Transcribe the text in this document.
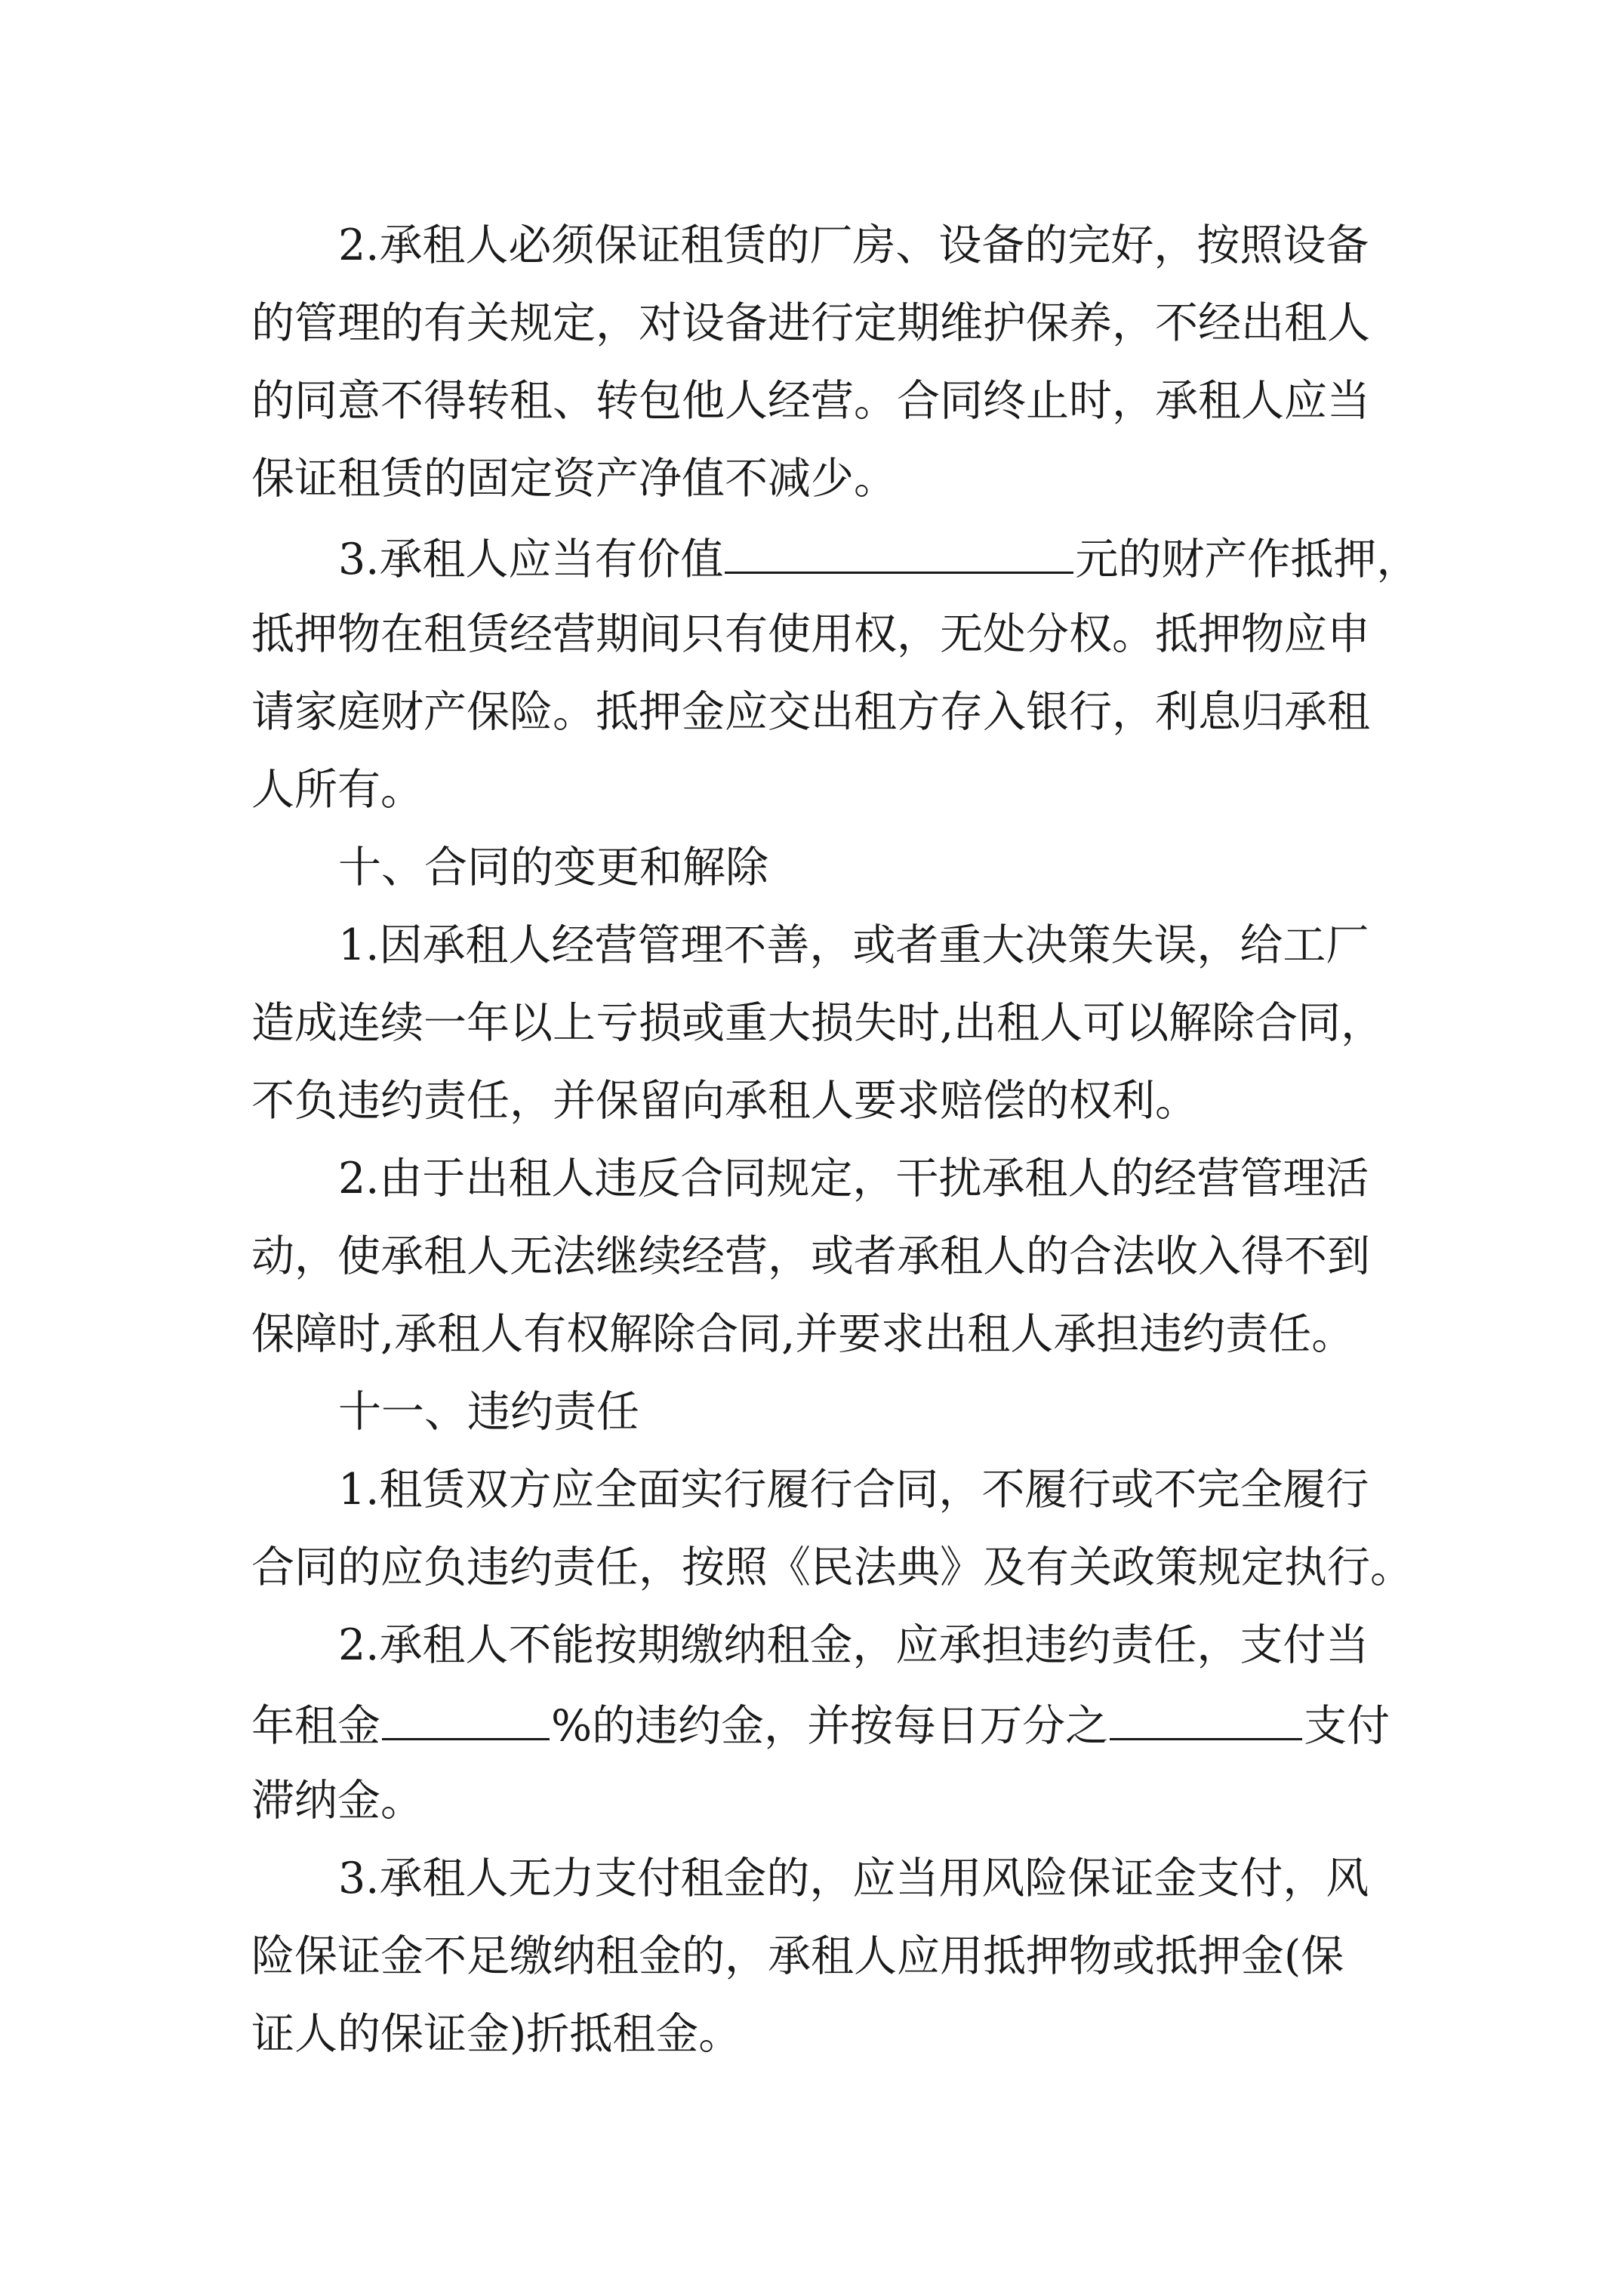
2.承租人必须保证租赁的厂房、设备的完好，按照设备
的管理的有关规定，对设备进行定期维护保养，不经出租人
的同意不得转租、转包他人经营。合同终止时，承租人应当
保证租赁的固定资产净值不减少。
3.承租人应当有价值	元的财产作抵押，
抵押物在租赁经营期间只有使用权，无处分权。抵押物应申
请家庭财产保险。抵押金应交出租方存入银行，利息归承租
人所有。
十、合同的变更和解除
1.因承租人经营管理不善，或者重大决策失误，给工厂
造成连续一年以上亏损或重大损失时,出租人可以解除合同，
不负违约责任，并保留向承租人要求赔偿的权利。
2.由于出租人违反合同规定，干扰承租人的经营管理活
动，使承租人无法继续经营，或者承租人的合法收入得不到
保障时,承租人有权解除合同,并要求出租人承担违约责任。
十一、违约责任
1.租赁双方应全面实行履行合同，不履行或不完全履行
合同的应负违约责任，按照《民法典》及有关政策规定执行。
2.承租人不能按期缴纳租金，应承担违约责任，支付当
年租金	%的违约金，并按每日万分之	支付
滞纳金。
3.承租人无力支付租金的，应当用风险保证金支付，风
险保证金不足缴纳租金的，承租人应用抵押物或抵押金(保
证人的保证金)折抵租金。
